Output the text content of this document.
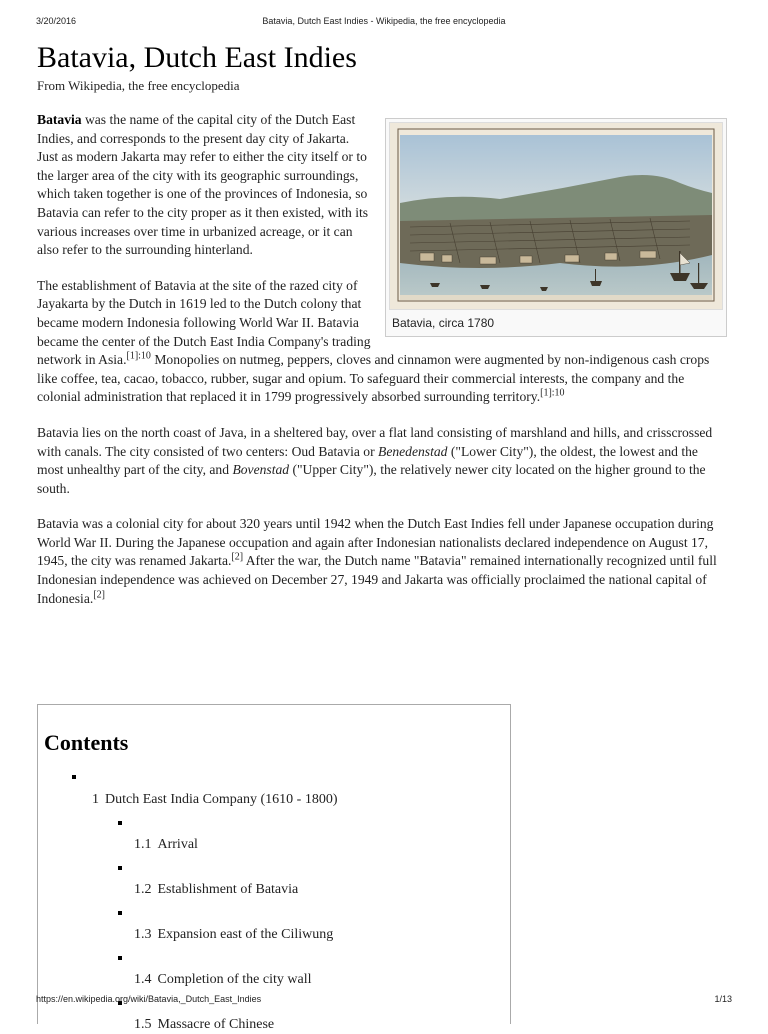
3/20/2016	Batavia, Dutch East Indies - Wikipedia, the free encyclopedia
Batavia, Dutch East Indies
From Wikipedia, the free encyclopedia
Batavia, circa 1780

Batavia was the name of the capital city of the Dutch East Indies, and corresponds to the present day city of Jakarta. Just as modern Jakarta may refer to either the city itself or to the larger area of the city with its geographic surroundings, which taken together is one of the provinces of Indonesia, so Batavia can refer to the city proper as it then existed, with its various increases over time in urbanized acreage, or it can also refer to the surrounding hinterland.

The establishment of Batavia at the site of the razed city of Jayakarta by the Dutch in 1619 led to the Dutch colony that became modern Indonesia following World War II. Batavia became the center of the Dutch East India Company's trading network in Asia.$^{[1]:10}$ Monopolies on nutmeg, peppers, cloves and cinnamon were augmented by non-indigenous cash crops like coffee, tea, cacao, tobacco, rubber, sugar and opium. To safeguard their commercial interests, the company and the colonial administration that replaced it in 1799 progressively absorbed surrounding territory.$^{[1]:10}$

Batavia lies on the north coast of Java, in a sheltered bay, over a flat land consisting of marshland and hills, and crisscrossed with canals. The city consisted of two centers: Oud Batavia or Benedenstad ("Lower City"), the oldest, the lowest and the most unhealthy part of the city, and Bovenstad ("Upper City"), the relatively newer city located on the higher ground to the south.

Batavia was a colonial city for about 320 years until 1942 when the Dutch East Indies fell under Japanese occupation during World War II. During the Japanese occupation and again after Indonesian nationalists declared independence on August 17, 1945, the city was renamed Jakarta.[2] After the war, the Dutch name "Batavia" remained internationally recognized until full Indonesian independence was achieved on December 27, 1949 and Jakarta was officially proclaimed the national capital of Indonesia.[2]

Contents
1 Dutch East India Company (1610 - 1800)
1.1 Arrival
1.2 Establishment of Batavia
1.3 Expansion east of the Ciliwung
1.4 Completion of the city wall
1.5 Massacre of Chinese
https://en.wikipedia.org/wiki/Batavia,_Dutch_East_Indies	1/13
